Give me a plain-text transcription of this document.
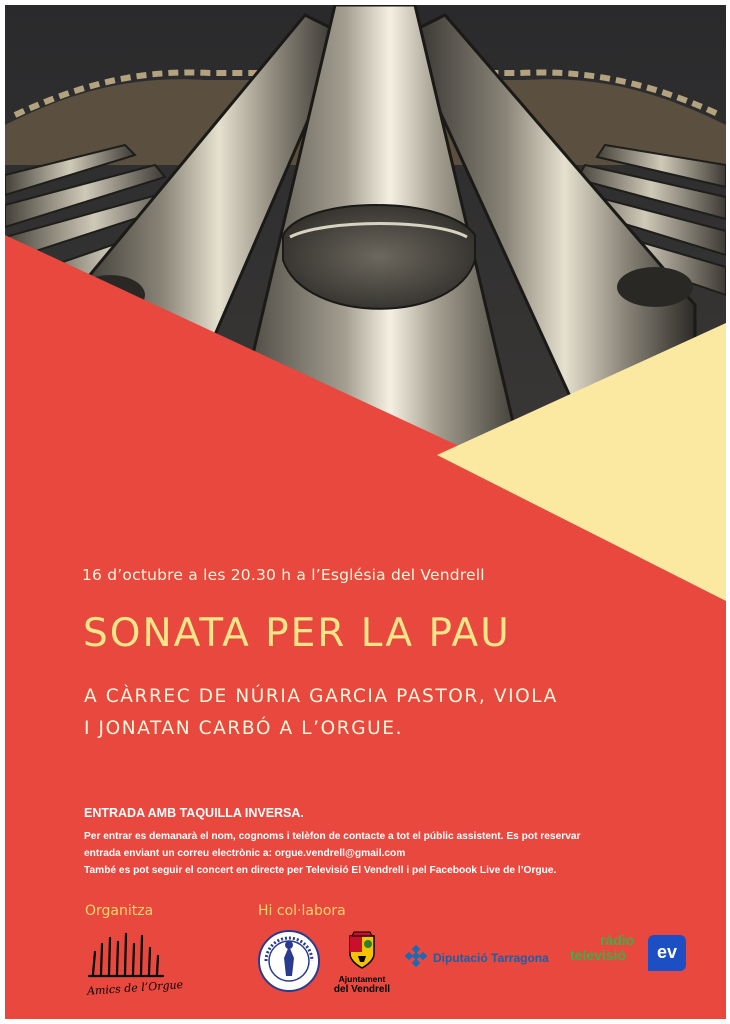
16 d’octubre a les 20.30 h a l’Església del Vendrell
SONATA PER LA PAU
A CÀRREC DE NÚRIA GARCIA PASTOR, VIOLA
I JONATAN CARBÓ A L’ORGUE.
ENTRADA AMB TAQUILLA INVERSA.
Per entrar es demanarà el nom, cognoms i telèfon de contacte a tot el públic assistent. Es pot reservar
entrada enviant un correu electrònic a: orgue.vendrell@gmail.com
També es pot seguir el concert en directe per Televisió El Vendrell i pel Facebook Live de l’Orgue.
Organitza	Hi col·labora
Amics de l’Orgue	Ajuntament
del Vendrell
Diputació Tarragona
ràdio
televisió	ev
